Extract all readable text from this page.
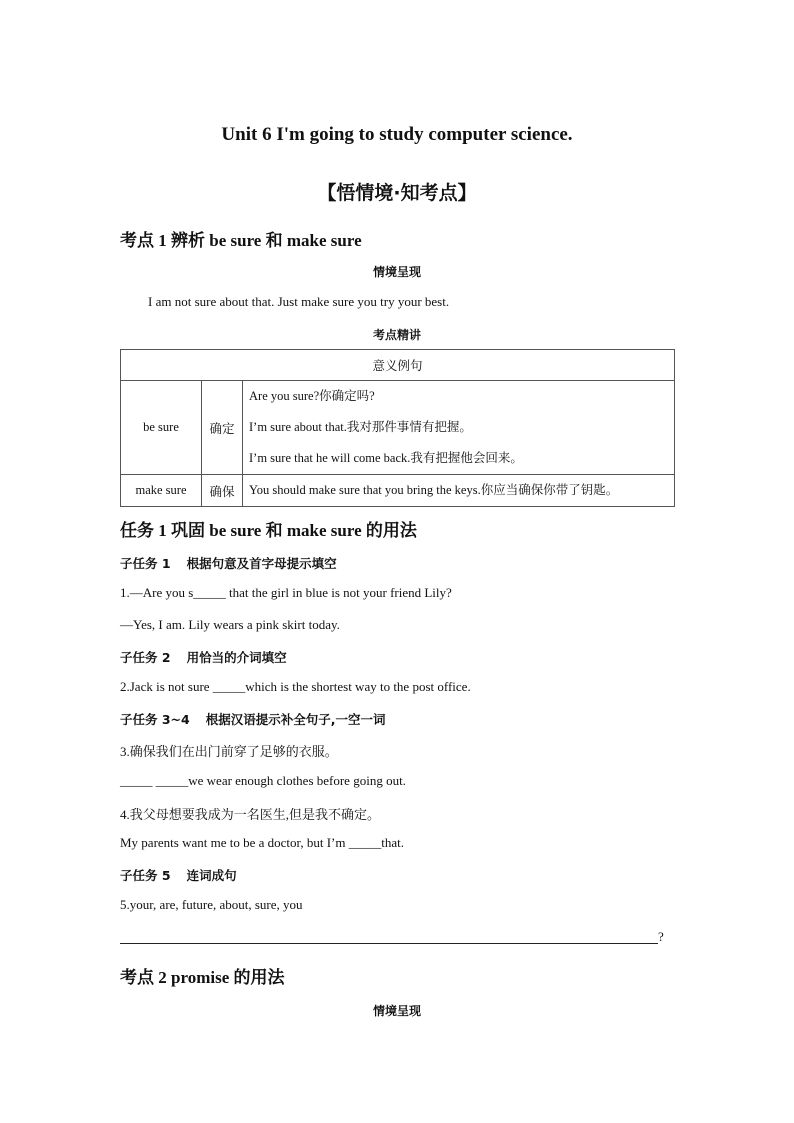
Unit 6 I'm going to study computer science.
【悟情境·知考点】
考点 1 辨析 be sure 和 make sure
情境呈现
I am not sure about that. Just make sure you try your best.
考点精讲
意义例句		
be sure	确定	Are you sure?你确定吗?

I’m sure about that.我对那件事情有把握。

I’m sure that he will come back.我有把握他会回来。

make sure	确保	You should make sure that you bring the keys.你应当确保你带了钥匙。

任务 1 巩固 be sure 和 make sure 的用法
子任务 1 根据句意及首字母提示填空
1.—Are you s_____ that the girl in blue is not your friend Lily?
—Yes, I am. Lily wears a pink skirt today.
子任务 2 用恰当的介词填空
2.Jack is not sure _____which is the shortest way to the post office.
子任务 3~4 根据汉语提示补全句子,一空一词
3.确保我们在出门前穿了足够的衣服。
_____ _____we wear enough clothes before going out.
4.我父母想要我成为一名医生,但是我不确定。
My parents want me to be a doctor, but I’m _____that.
子任务 5 连词成句
5.your, are, future, about, sure, you
?
考点 2 promise 的用法
情境呈现
